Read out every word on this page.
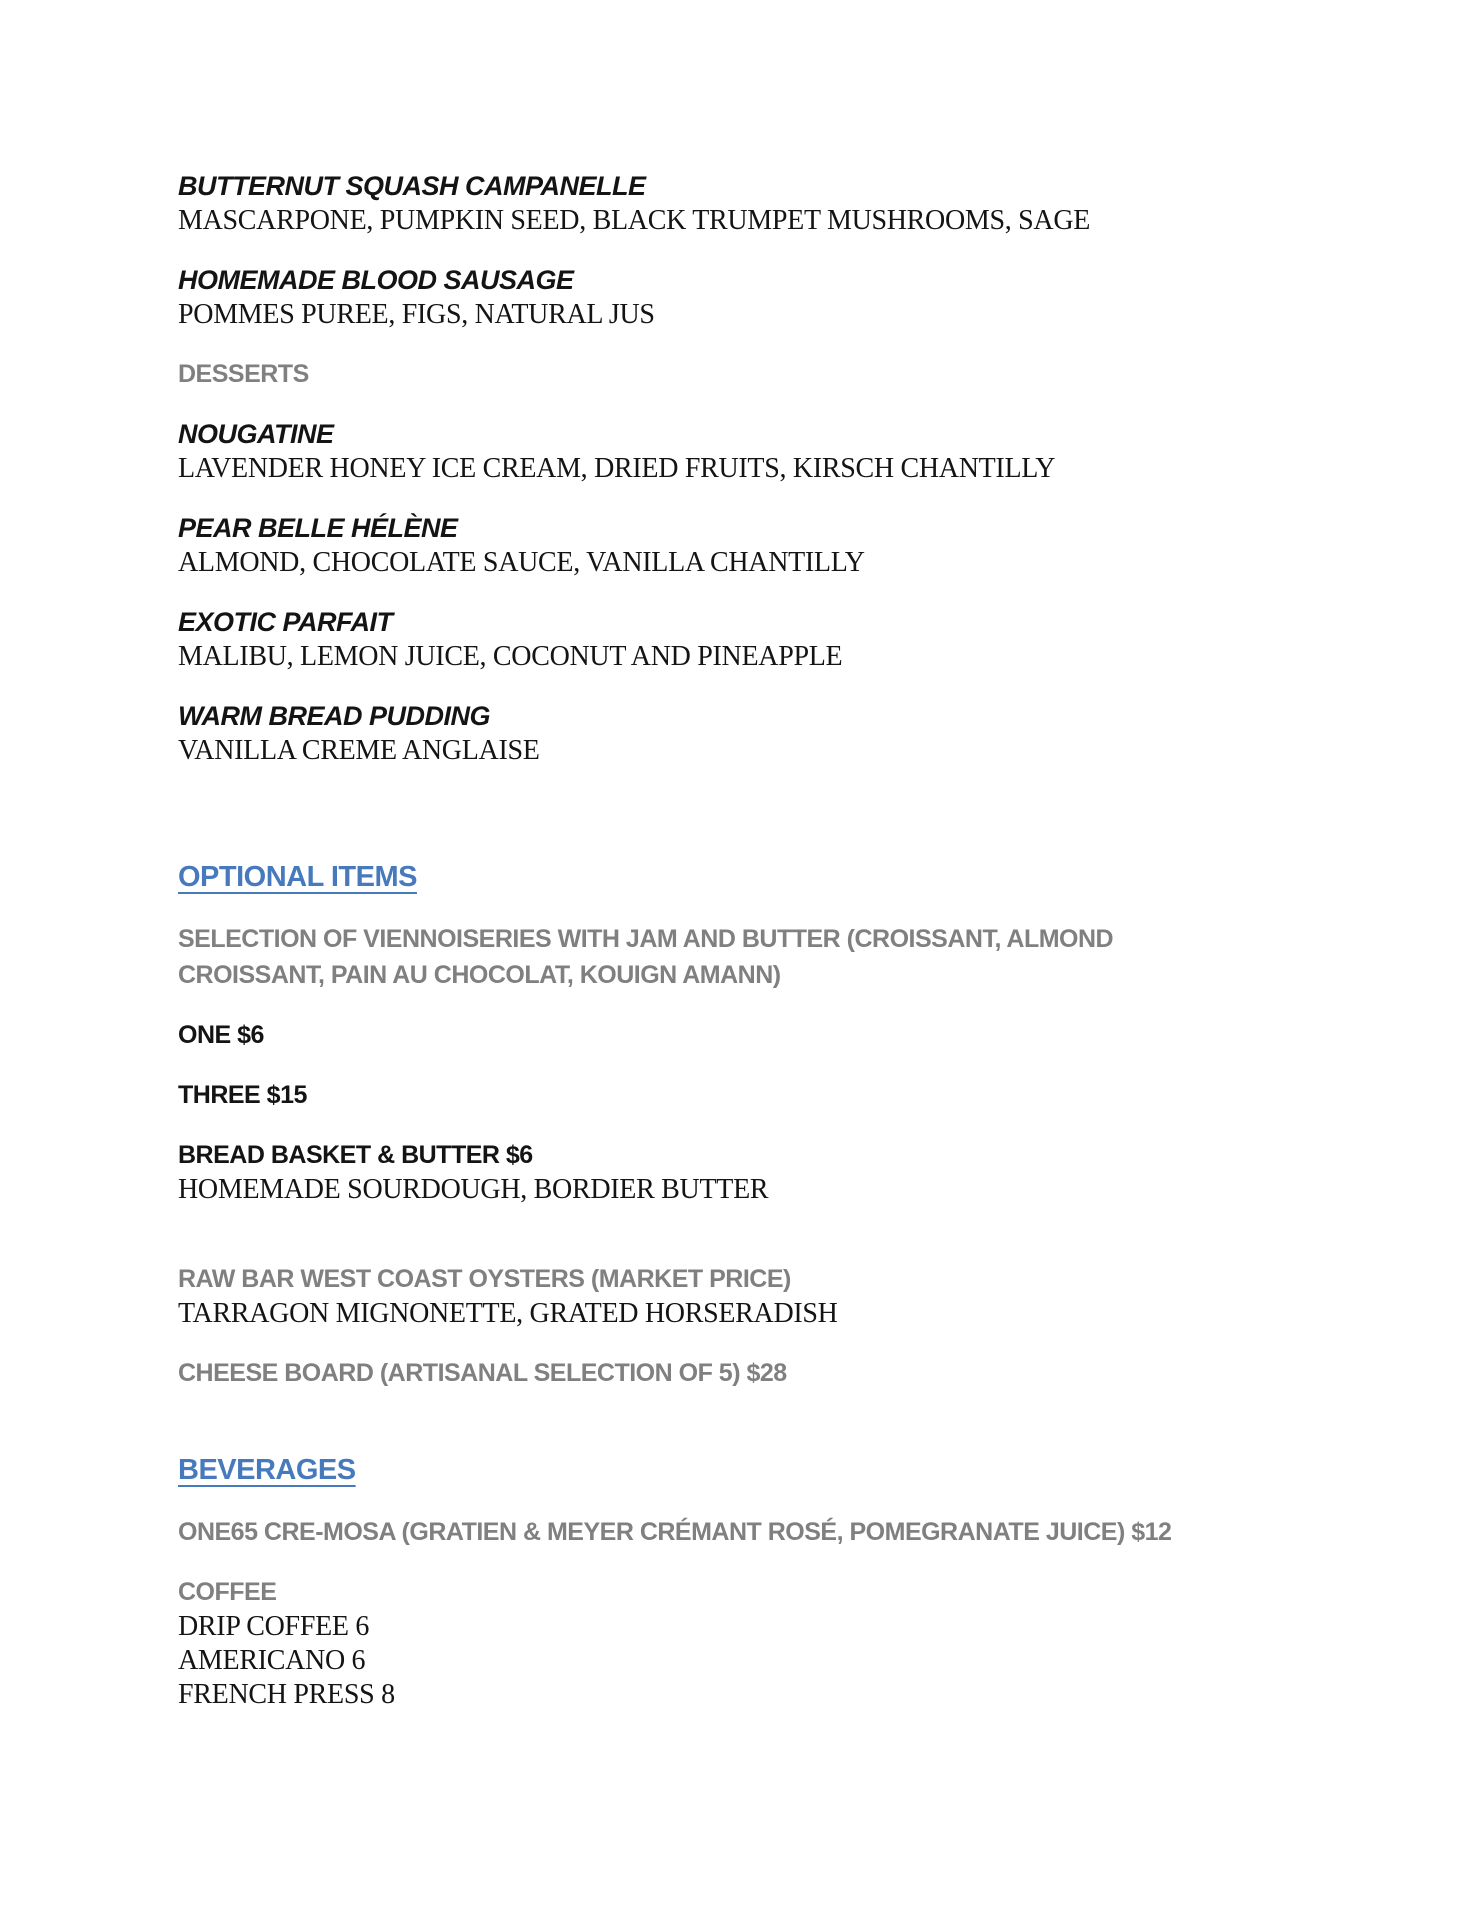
BUTTERNUT SQUASH CAMPANELLE
MASCARPONE, PUMPKIN SEED, BLACK TRUMPET MUSHROOMS, SAGE
HOMEMADE BLOOD SAUSAGE
POMMES PUREE, FIGS, NATURAL JUS
DESSERTS
NOUGATINE
LAVENDER HONEY ICE CREAM, DRIED FRUITS, KIRSCH CHANTILLY
PEAR BELLE HÉLÈNE
ALMOND, CHOCOLATE SAUCE, VANILLA CHANTILLY
EXOTIC PARFAIT
MALIBU, LEMON JUICE, COCONUT AND PINEAPPLE
WARM BREAD PUDDING
VANILLA CREME ANGLAISE
OPTIONAL ITEMS
SELECTION OF VIENNOISERIES WITH JAM AND BUTTER (CROISSANT, ALMOND
CROISSANT, PAIN AU CHOCOLAT, KOUIGN AMANN)
ONE $6
THREE $15
BREAD BASKET & BUTTER $6
HOMEMADE SOURDOUGH, BORDIER BUTTER
RAW BAR WEST COAST OYSTERS (MARKET PRICE)
TARRAGON MIGNONETTE, GRATED HORSERADISH
CHEESE BOARD (ARTISANAL SELECTION OF 5) $28
BEVERAGES
ONE65 CRE-MOSA (GRATIEN & MEYER CRÉMANT ROSÉ, POMEGRANATE JUICE) $12
COFFEE
DRIP COFFEE 6
AMERICANO 6
FRENCH PRESS 8
